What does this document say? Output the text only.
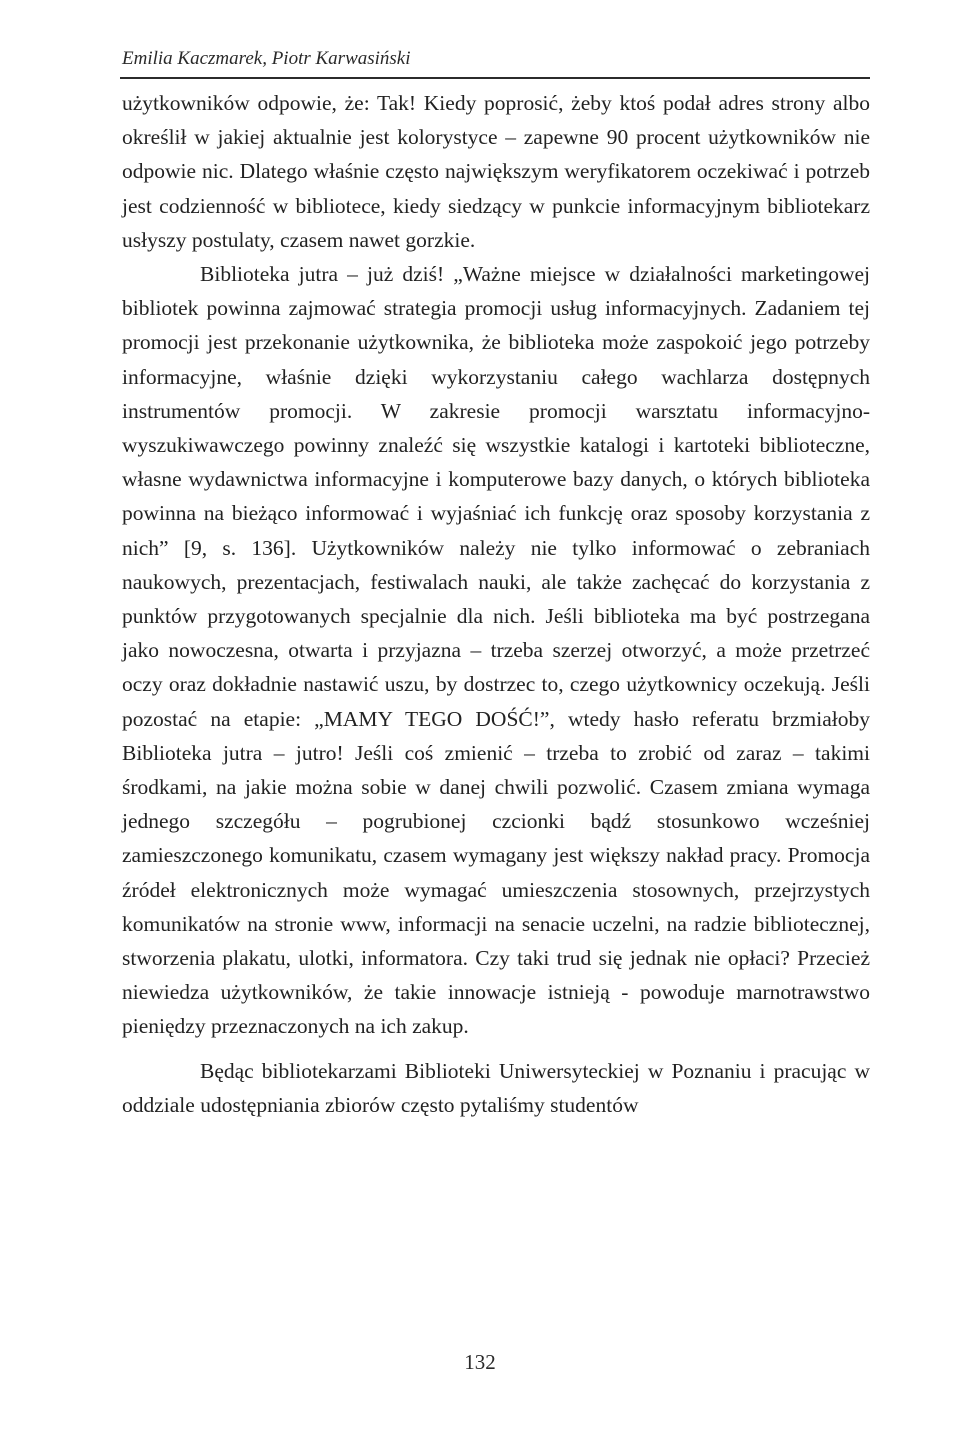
Emilia Kaczmarek, Piotr Karwasiński

użytkowników odpowie, że: Tak! Kiedy poprosić, żeby ktoś podał adres strony albo określił w jakiej aktualnie jest kolorystyce – zapewne 90 procent użytkowników nie odpowie nic. Dlatego właśnie często największym weryfikatorem oczekiwać i potrzeb jest codzienność w bibliotece, kiedy siedzący w punkcie informacyjnym bibliotekarz usłyszy postulaty, czasem nawet gorzkie.

Biblioteka jutra – już dziś! „Ważne miejsce w działalności marketingowej bibliotek powinna zajmować strategia promocji usług informacyjnych. Zadaniem tej promocji jest przekonanie użytkownika, że biblioteka może zaspokoić jego potrzeby informacyjne, właśnie dzięki wykorzystaniu całego wachlarza dostępnych instrumentów promocji. W zakresie promocji warsztatu informacyjno-wyszukiwawczego powinny znaleźć się wszystkie katalogi i kartoteki biblioteczne, własne wydawnictwa informacyjne i komputerowe bazy danych, o których biblioteka powinna na bieżąco informować i wyjaśniać ich funkcję oraz sposoby korzystania z nich” [9, s. 136]. Użytkowników należy nie tylko informować o zebraniach naukowych, prezentacjach, festiwalach nauki, ale także zachęcać do korzystania z punktów przygotowanych specjalnie dla nich. Jeśli biblioteka ma być postrzegana jako nowoczesna, otwarta i przyjazna – trzeba szerzej otworzyć, a może przetrzeć oczy oraz dokładnie nastawić uszu, by dostrzec to, czego użytkownicy oczekują. Jeśli pozostać na etapie: „MAMY TEGO DOŚĆ!”, wtedy hasło referatu brzmiałoby Biblioteka jutra – jutro! Jeśli coś zmienić – trzeba to zrobić od zaraz – takimi środkami, na jakie można sobie w danej chwili pozwolić. Czasem zmiana wymaga jednego szczegółu – pogrubionej czcionki bądź stosunkowo wcześniej zamieszczonego komunikatu, czasem wymagany jest większy nakład pracy. Promocja źródeł elektronicznych może wymagać umieszczenia stosownych, przejrzystych komunikatów na stronie www, informacji na senacie uczelni, na radzie bibliotecznej, stworzenia plakatu, ulotki, informatora. Czy taki trud się jednak nie opłaci? Przecież niewiedza użytkowników, że takie innowacje istnieją - powoduje marnotrawstwo pieniędzy przeznaczonych na ich zakup.

Będąc bibliotekarzami Biblioteki Uniwersyteckiej w Poznaniu i pracując w oddziale udostępniania zbiorów często pytaliśmy studentów

132
